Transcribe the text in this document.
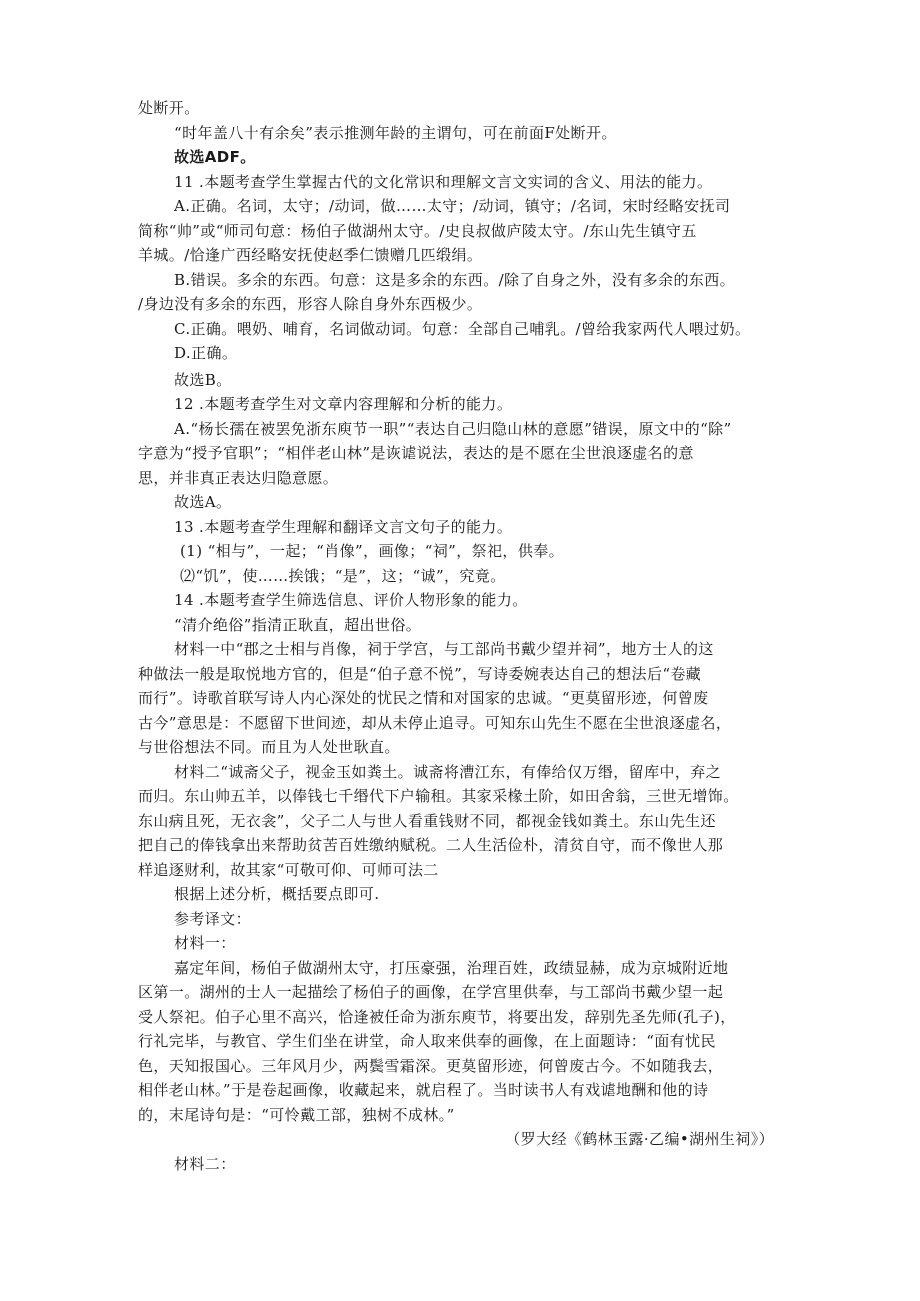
处断开。
“时年盖八十有余矣”表示推测年龄的主谓句，可在前面F处断开。
故选ADF。
11 .本题考查学生掌握古代的文化常识和理解文言文实词的含义、用法的能力。
A.正确。名词，太守；/动词，做……太守；/动词，镇守；/名词，宋时经略安抚司
简称“帅”或“师司句意：杨伯子做湖州太守。/史良叔做庐陵太守。/东山先生镇守五
羊城。/恰逢广西经略安抚使赵季仁馈赠几匹缎绢。
B.错误。多余的东西。句意：这是多余的东西。/除了自身之外，没有多余的东西。
/身边没有多余的东西，形容人除自身外东西极少。
C.正确。喂奶、哺育，名词做动词。句意：全部自己哺乳。/曾给我家两代人喂过奶。
D.正确。
故选B。
12 .本题考查学生对文章内容理解和分析的能力。
A.“杨长孺在被罢免浙东庾节一职”“表达自己归隐山林的意愿”错误，原文中的“除”
字意为“授予官职”；“相伴老山林”是诙谑说法，表达的是不愿在尘世浪逐虚名的意
思，并非真正表达归隐意愿。
故选A。
13 .本题考查学生理解和翻译文言文句子的能力。
(1) “相与”，一起；“肖像”，画像；“祠”，祭祀，供奉。
⑵“饥”，使……挨饿；“是”，这；“诚”，究竟。
14 .本题考查学生筛选信息、评价人物形象的能力。
“清介绝俗”指清正耿直，超出世俗。
材料一中“郡之士相与肖像，祠于学宫，与工部尚书戴少望并祠”，地方士人的这
种做法一般是取悦地方官的，但是“伯子意不悦”，写诗委婉表达自己的想法后“卷藏
而行”。诗歌首联写诗人内心深处的忧民之情和对国家的忠诚。“更莫留形迹，何曾废
古今”意思是：不愿留下世间迹，却从未停止追寻。可知东山先生不愿在尘世浪逐虚名，
与世俗想法不同。而且为人处世耿直。
材料二“诚斋父子，视金玉如粪土。诚斋将漕江东，有俸给仅万缗，留库中，弃之
而归。东山帅五羊，以俸钱七千缗代下户输租。其家采椽土阶，如田舍翁，三世无增饰。
东山病且死，无衣衾”，父子二人与世人看重钱财不同，都视金钱如粪土。东山先生还
把自己的俸钱拿出来帮助贫苦百姓缴纳赋税。二人生活俭朴，清贫自守，而不像世人那
样追逐财利，故其家“可敬可仰、可师可法二
根据上述分析，概括要点即可.
参考译文：
材料一：
嘉定年间，杨伯子做湖州太守，打压豪强，治理百姓，政绩显赫，成为京城附近地
区第一。湖州的士人一起描绘了杨伯子的画像，在学宫里供奉，与工部尚书戴少望一起
受人祭祀。伯子心里不高兴，恰逢被任命为浙东庾节，将要出发，辞别先圣先师(孔子)，
行礼完毕，与教官、学生们坐在讲堂，命人取来供奉的画像，在上面题诗：“面有忧民
色，天知报国心。三年风月少，两鬓雪霜深。更莫留形迹，何曾废古今。不如随我去，
相伴老山林。”于是卷起画像，收藏起来，就启程了。当时读书人有戏谑地酬和他的诗
的，末尾诗句是：“可怜戴工部，独树不成林。”
（罗大经《鹤林玉露·乙编•湖州生祠》）
材料二：
